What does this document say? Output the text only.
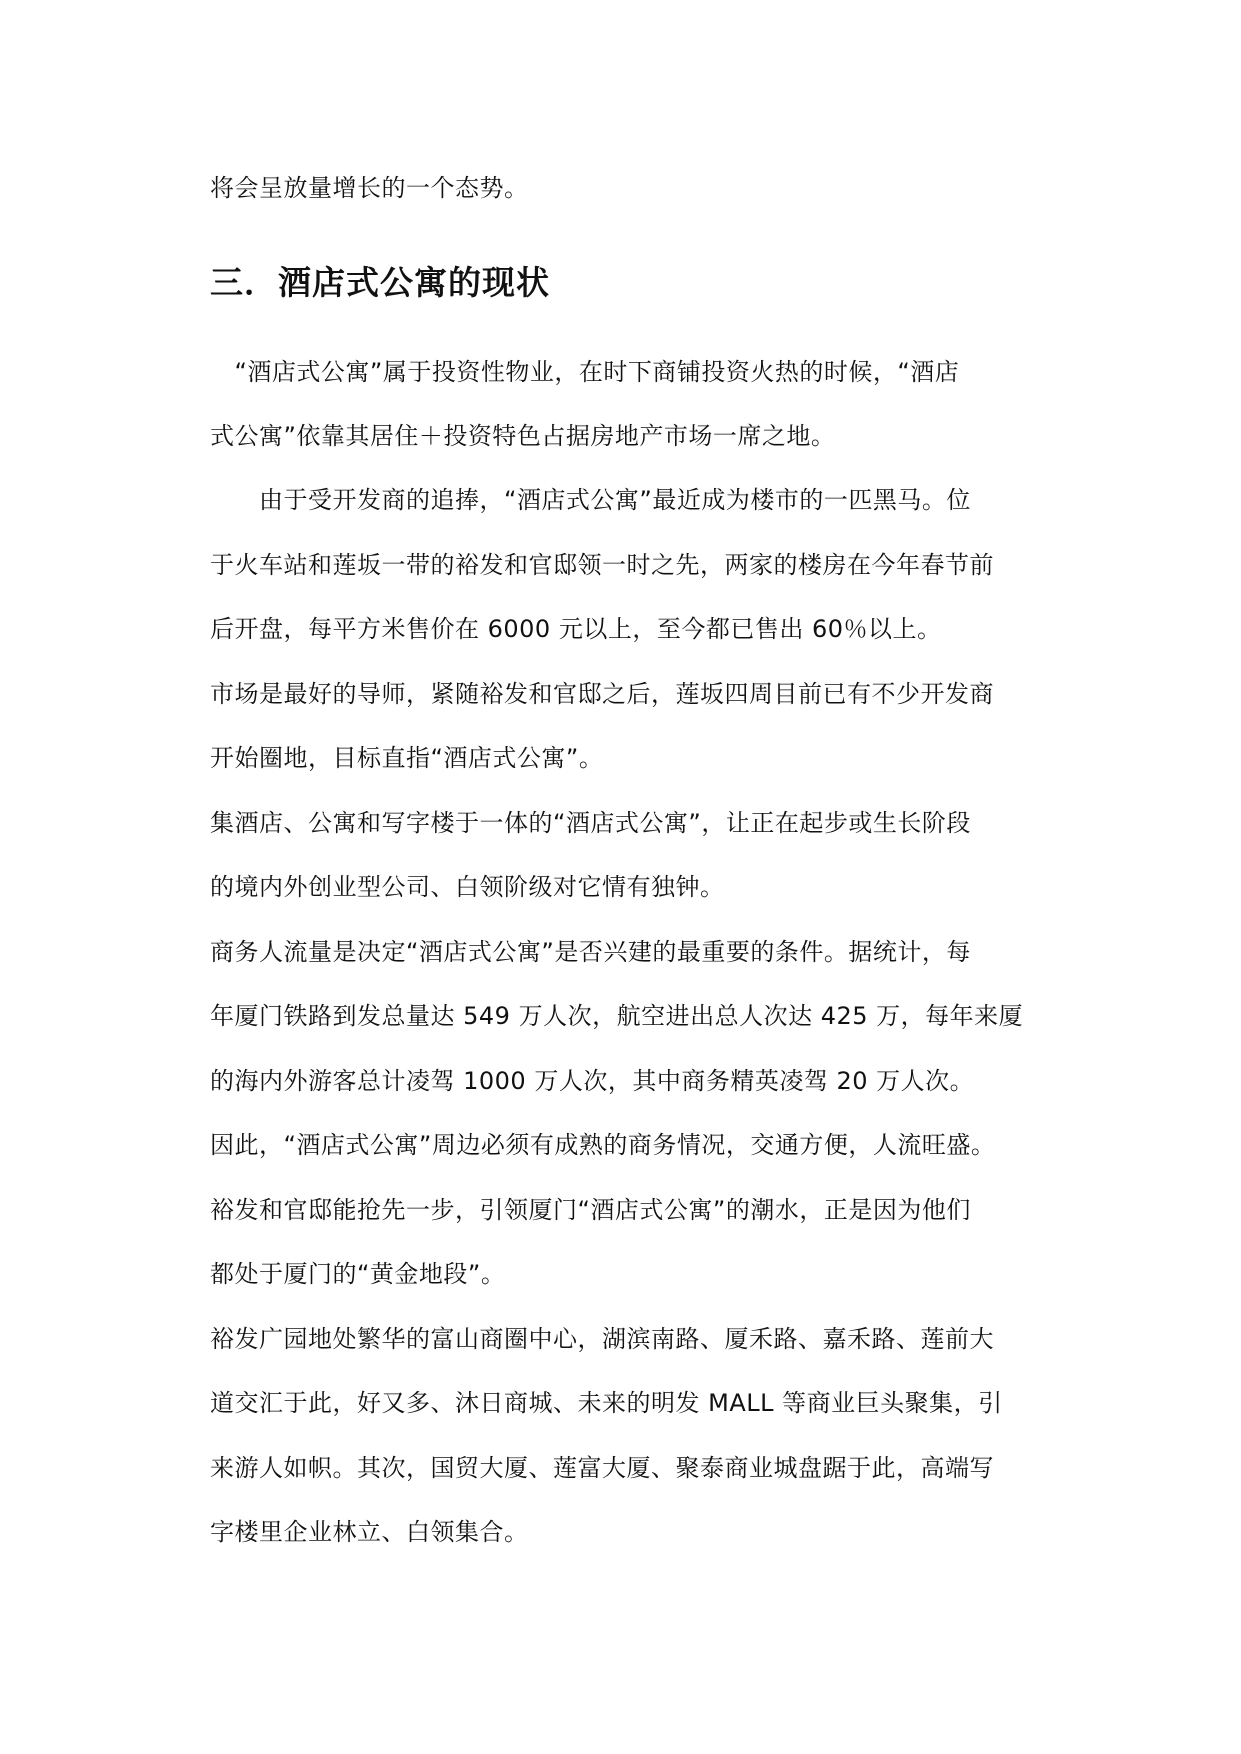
将会呈放量增长的一个态势。
三．酒店式公寓的现状
　“酒店式公寓”属于投资性物业，在时下商铺投资火热的时候，“酒店
式公寓”依靠其居住＋投资特色占据房地产市场一席之地。
　　由于受开发商的追捧，“酒店式公寓”最近成为楼市的一匹黑马。位
于火车站和莲坂一带的裕发和官邸领一时之先，两家的楼房在今年春节前
后开盘，每平方米售价在 6000 元以上，至今都已售出 60％以上。
市场是最好的导师，紧随裕发和官邸之后，莲坂四周目前已有不少开发商
开始圈地，目标直指“酒店式公寓”。
集酒店、公寓和写字楼于一体的“酒店式公寓”，让正在起步或生长阶段
的境内外创业型公司、白领阶级对它情有独钟。
商务人流量是决定“酒店式公寓”是否兴建的最重要的条件。据统计，每
年厦门铁路到发总量达 549 万人次，航空进出总人次达 425 万，每年来厦
的海内外游客总计凌驾 1000 万人次，其中商务精英凌驾 20 万人次。
因此，“酒店式公寓”周边必须有成熟的商务情况，交通方便，人流旺盛。
裕发和官邸能抢先一步，引领厦门“酒店式公寓”的潮水，正是因为他们
都处于厦门的“黄金地段”。
裕发广园地处繁华的富山商圈中心，湖滨南路、厦禾路、嘉禾路、莲前大
道交汇于此，好又多、沐日商城、未来的明发 MALL 等商业巨头聚集，引
来游人如帜。其次，国贸大厦、莲富大厦、聚泰商业城盘踞于此，高端写
字楼里企业林立、白领集合。
